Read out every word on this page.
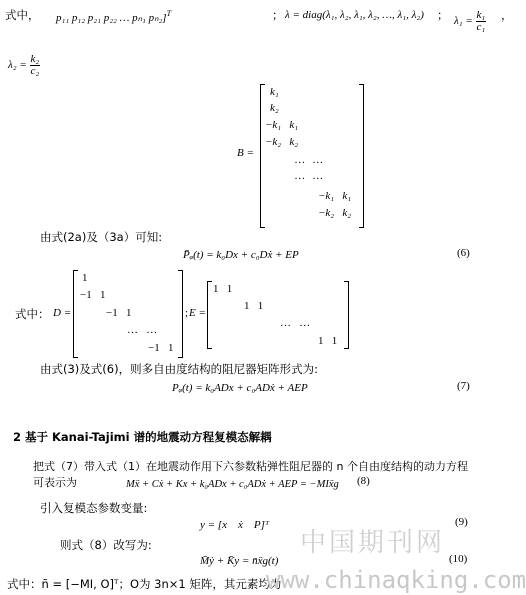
式中， p₁₁ p₁₂ p₂₁ p₂₂ … pₙ₁ pₙ₂]$^T$	； λ = diag(λ₁, λ₂, λ₁, λ₂, …, λ₁, λ₂) ； $\lambda_1 = \frac{\text{k₁}}{\text{c₁}}$ ，
$\lambda_2 = \frac{\text{k₂}}{\text{c₂}}$
B =
k₁
k₂
−k₁   k₁
−k₂   k₂
…   …
…   …
−k₁   k₁
−k₂   k₂
由式(2a)及（3a）可知:
P̄ᵩ(t) = k₀Dx + c₀Dẋ + EP	(6)
式中： D =
1
−1   1
−1   1
…   …
−1   1
; E =
1   1
1   1
…   …
1   1
由式(3)及式(6)，则多自由度结构的阻尼器矩阵形式为:
Pᵩ(t) = k₀ADx + c₀ADẋ + AEP	(7)
2 基于 Kanai-Tajimi 谱的地震动方程复模态解耦
把式（7）带入式（1）在地震动作用下六参数粘弹性阻尼器的 n 个自由度结构的动力方程
可表示为	Mẍ + Cẋ + Kx + k₀ADx + c₀ADẋ + AEP = −MIẍg (8)
引入复模态参数变量:
y = [x    ẋ    P]ᵀ	(9)
则式（8）改写为:
M̄ẏ + K̄y = n̄ẍg(t)	(10)
式中：n̄ = [−MI, O]ᵀ；O为 3n×1 矩阵，其元素均为
中国期刊网
www.chinaqking.com
